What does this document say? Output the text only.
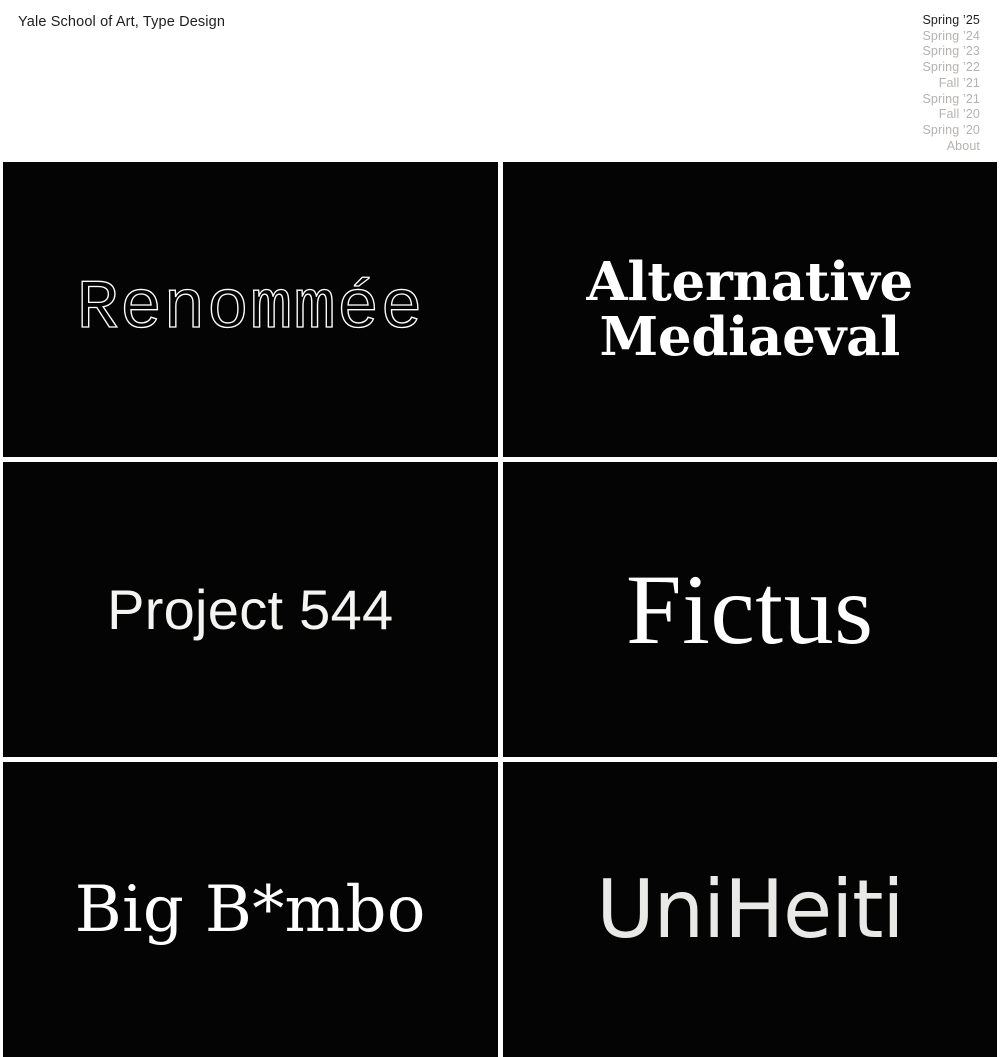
Yale School of Art, Type Design	Spring ’25
Spring ’24
Spring ’23
Spring ’22
Fall ’21
Spring ’21
Fall ’20
Spring ’20
About
Renommée	Alternative Mediaeval
Project 544 Fictus
Big B*mbo UniHeiti
